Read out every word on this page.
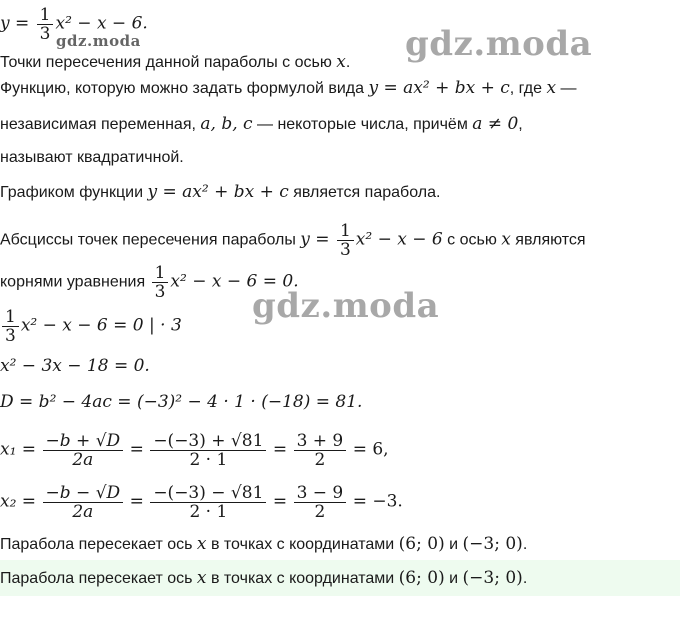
$y = \frac{1}{3} x^2 - x - 6$.
gdz.moda
Точки пересечения данной параболы с осью x. gdz.moda
Функцию, которую можно задать формулой вида y = ax² + bx + c, где x —
независимая переменная, a, b, c — некоторые числа, причём a ≠ 0,
называют квадратичной.
Графиком функции y = ax² + bx + c является парабола.
Абсциссы точек пересечения параболы $y = \frac{1}{3} x^2 - x - 6$ с осью x являются
корнями уравнения $\frac{1}{3} x^2 - x - 6 = 0$.
gdz.moda
$\frac{1}{3} x^2 - x - 6 = 0$ | · 3
x² − 3x − 18 = 0.
D = b² − 4ac = (−3)² − 4 · 1 · (−18) = 81.
$x_1 = \frac{-b + √D}{2a} = \frac{-(-3) + √81}{2 \cdot 1} = \frac{3 + 9}{2} = 6$,
$x_2 = \frac{-b - √D}{2a} = \frac{-(-3) - √81}{2 \cdot 1} = \frac{3 - 9}{2} = -3$.
Парабола пересекает ось x в точках с координатами (6; 0) и (−3; 0).
Парабола пересекает ось x в точках с координатами (6; 0) и (−3; 0).
